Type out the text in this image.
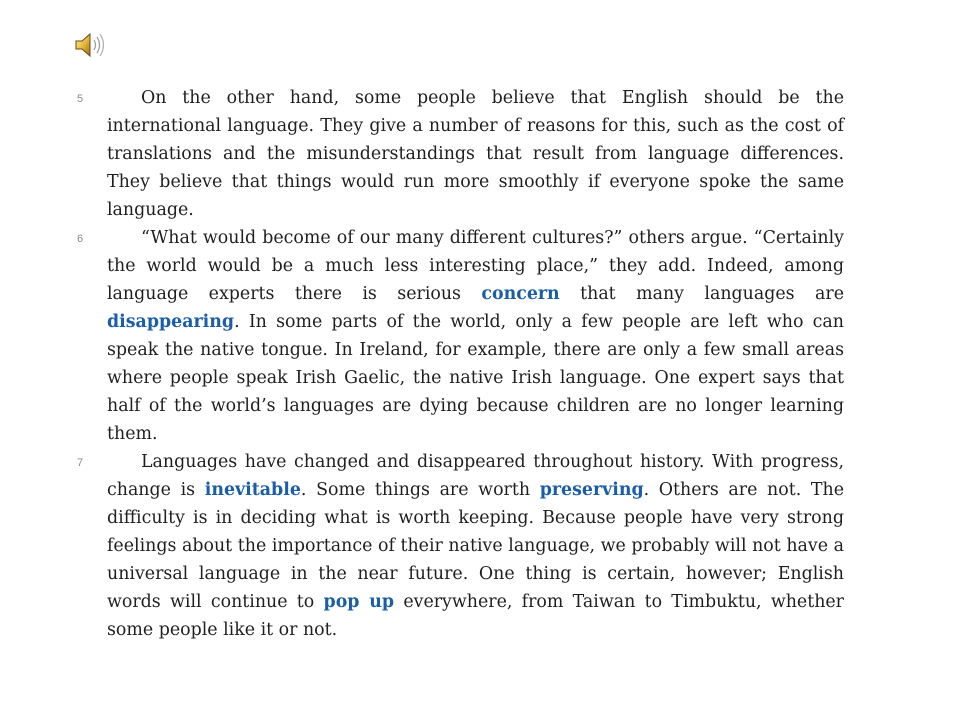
5	On the other hand, some people believe that English should be the international language. They give a number of reasons for this, such as the cost of translations and the misunderstandings that result from language differences. They believe that things would run more smoothly if everyone spoke the same language.

6	“What would become of our many different cultures?” others argue. “Certainly the world would be a much less interesting place,” they add. Indeed, among language experts there is serious concern that many languages are disappearing. In some parts of the world, only a few people are left who can speak the native tongue. In Ireland, for example, there are only a few small areas where people speak Irish Gaelic, the native Irish language. One expert says that half of the world’s languages are dying because children are no longer learning them.

7	Languages have changed and disappeared throughout history. With progress, change is inevitable. Some things are worth preserving. Others are not. The difficulty is in deciding what is worth keeping. Because people have very strong feelings about the importance of their native language, we probably will not have a universal language in the near future. One thing is certain, however; English words will continue to pop up everywhere, from Taiwan to Timbuktu, whether some people like it or not.
